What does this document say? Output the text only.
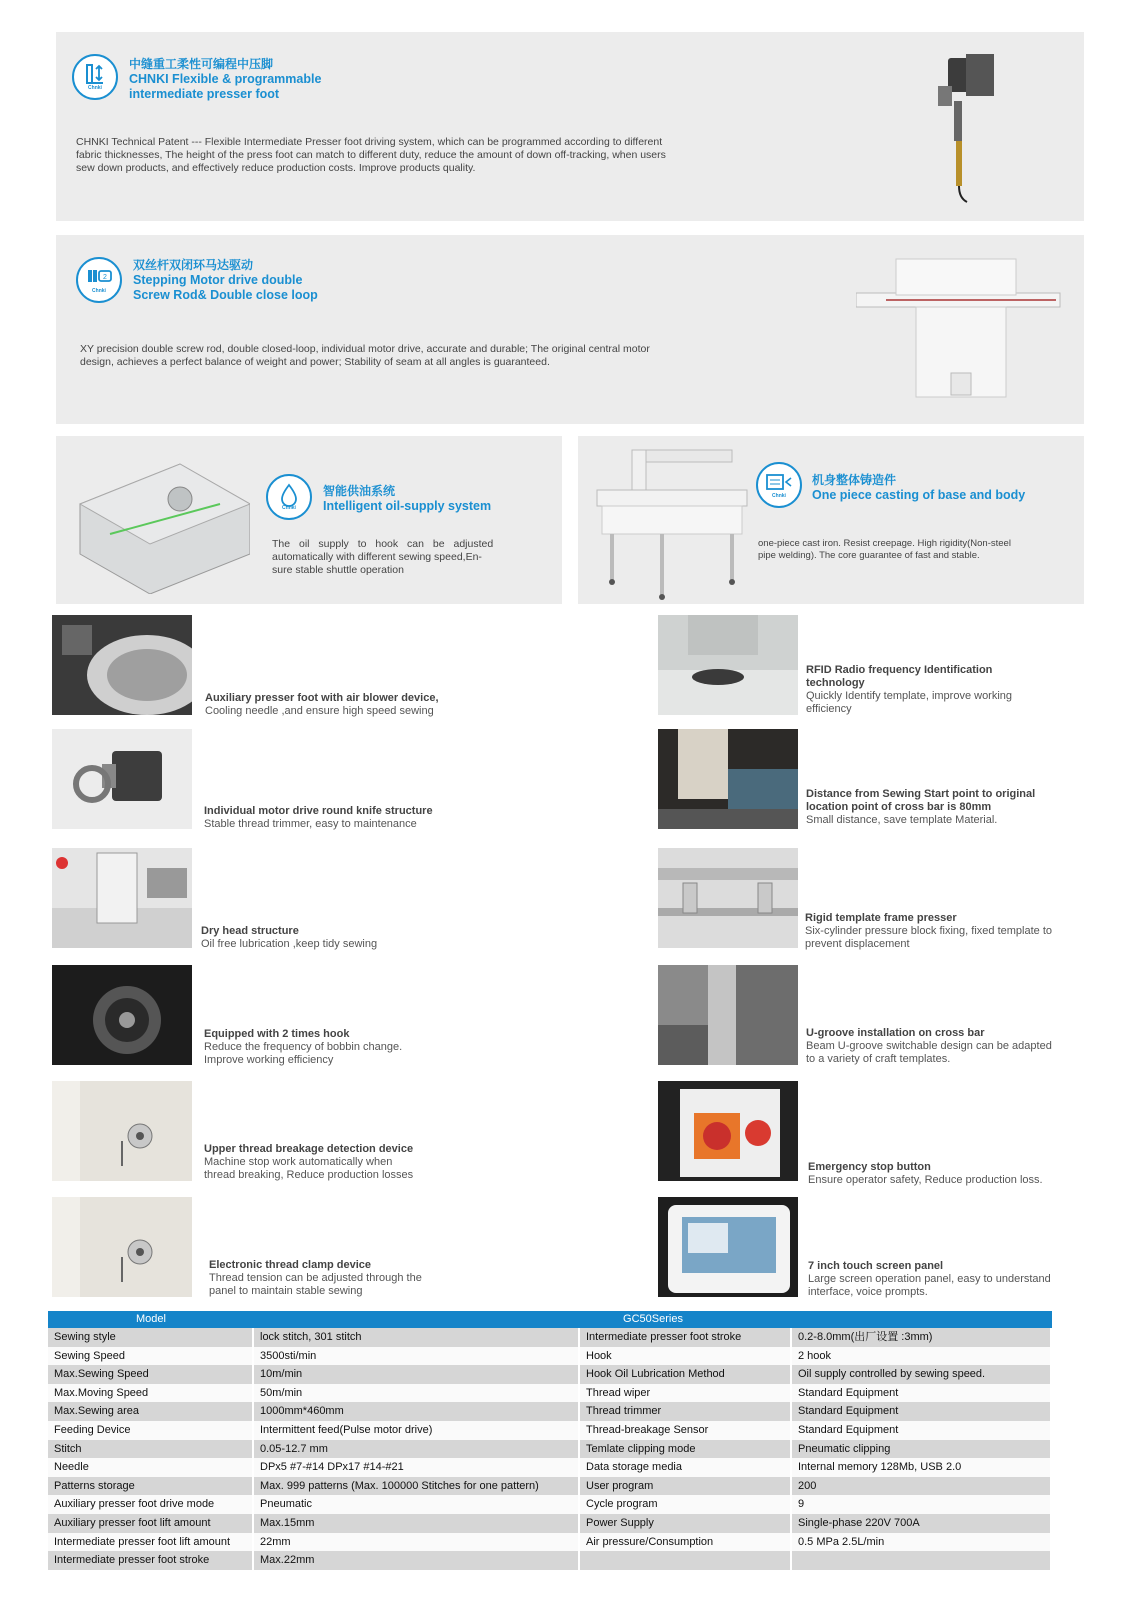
Chnki
中缝重工柔性可编程中压脚
CHNKI Flexible & programmable
intermediate presser foot
CHNKI Technical Patent --- Flexible Intermediate Presser foot driving system, which can be programmed according to different
fabric thicknesses, The height of the press foot can match to different duty, reduce the amount of down off-tracking, when users
sew down products, and effectively reduce production costs. Improve products quality.
2
Chnki
双丝杆双闭环马达驱动
Stepping Motor drive double
Screw Rod& Double close loop
XY precision double screw rod, double closed-loop, individual motor drive, accurate and durable; The original central motor
design, achieves a perfect balance of weight and power; Stability of seam at all angles is guaranteed.
Chnki
智能供油系统
Intelligent oil-supply system
The oil supply to hook can be adjusted
automatically with different sewing speed,En-
sure stable shuttle operation
Chnki
机身整体铸造件
One piece casting of base and body
one-piece cast iron. Resist creepage. High rigidity(Non-steel
pipe welding). The core guarantee of fast and stable.
Auxiliary presser foot with air blower device,
Cooling needle ,and ensure high speed sewing
Individual motor drive round knife structure
Stable thread trimmer, easy to maintenance
Dry head structure
Oil free lubrication ,keep tidy sewing
Equipped with 2 times hook
Reduce the frequency of bobbin change.
Improve working efficiency
Upper thread breakage detection device
Machine stop work automatically when
thread breaking, Reduce production losses
Electronic thread clamp device
Thread tension can be adjusted through the
panel to maintain stable sewing
RFID Radio frequency Identification
technology
Quickly Identify template, improve working
efficiency
Distance from Sewing Start point to original
location point of cross bar is 80mm
Small distance, save template Material.
Rigid template frame presser
Six-cylinder pressure block fixing, fixed template to
prevent displacement
U-groove installation on cross bar
Beam U-groove switchable design can be adapted
to a variety of craft templates.
Emergency stop button
Ensure operator safety, Reduce production loss.
7 inch touch screen panel
Large screen operation panel, easy to understand
interface, voice prompts.
Model	GC50Series
Sewing style	lock stitch, 301 stitch	Intermediate presser foot stroke	0.2-8.0mm(出厂设置 :3mm)
Sewing Speed	3500sti/min	Hook	2 hook
Max.Sewing Speed	10m/min	Hook Oil Lubrication Method	Oil supply controlled by sewing speed.
Max.Moving Speed	50m/min	Thread wiper	Standard Equipment
Max.Sewing area	1000mm*460mm	Thread trimmer	Standard Equipment
Feeding Device	Intermittent feed(Pulse motor drive)	Thread-breakage Sensor	Standard Equipment
Stitch	0.05-12.7 mm	Temlate clipping mode	Pneumatic clipping
Needle	DPx5 #7-#14 DPx17 #14-#21	Data storage media	Internal memory 128Mb, USB 2.0
Patterns storage	Max. 999 patterns (Max. 100000 Stitches for one pattern)	User program	200
Auxiliary presser foot drive mode	Pneumatic	Cycle program	9
Auxiliary presser foot lift amount	Max.15mm	Power Supply	Single-phase 220V 700A
Intermediate presser foot lift amount	22mm	Air pressure/Consumption	0.5 MPa 2.5L/min
Intermediate presser foot stroke	Max.22mm
